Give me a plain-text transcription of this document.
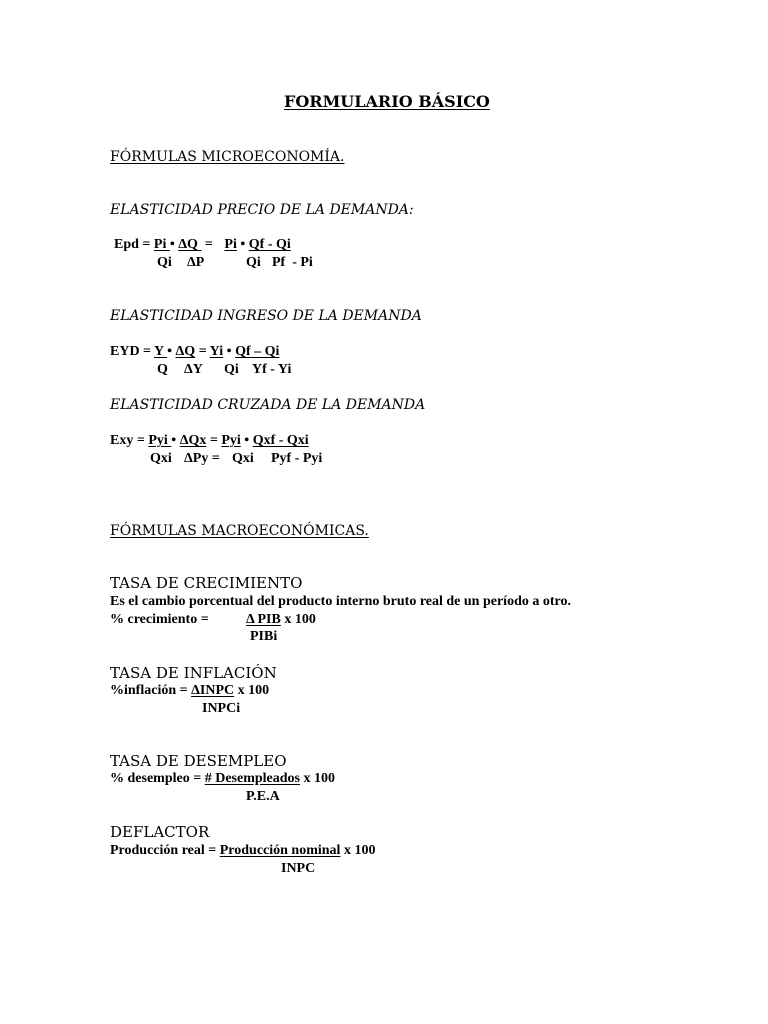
FORMULARIO BÁSICO
FÓRMULAS MICROECONOMÍA.
ELASTICIDAD PRECIO DE LA DEMANDA:
Epd = Pi • ΔQ  = Pi • Qf - Qi
Qi ΔP	Qi Pf  - Pi
ELASTICIDAD INGRESO DE LA DEMANDA
EYD = Y • ΔQ = Yi • Qf – Qi
Q ΔY Qi Yf - Yi
ELASTICIDAD CRUZADA DE LA DEMANDA
Exy = Pyi • ΔQx = Pyi • Qxf - Qxi
Qxi ΔPy = Qxi Pyf - Pyi
FÓRMULAS MACROECONÓMICAS.
TASA DE CRECIMIENTO
Es el cambio porcentual del producto interno bruto real de un período a otro.
% crecimiento =	Δ PIB x 100
PIBi
TASA DE INFLACIÓN
%inflación = ΔINPC x 100
INPCi
TASA DE DESEMPLEO
% desempleo = # Desempleados x 100
P.E.A
DEFLACTOR
Producción real = Producción nominal x 100
INPC
